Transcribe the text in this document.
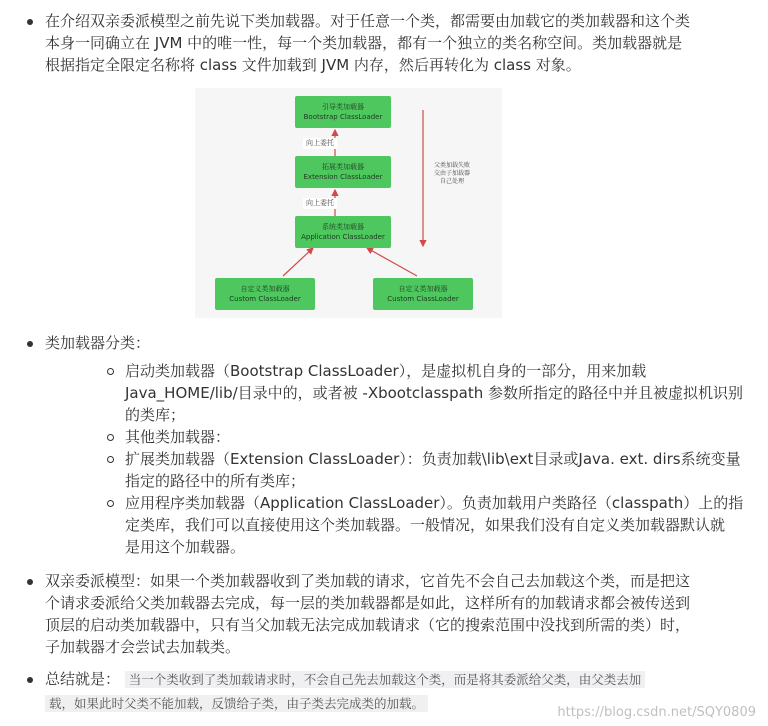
在介绍双亲委派模型之前先说下类加载器。对于任意一个类，都需要由加载它的类加载器和这个类
本身一同确立在 JVM 中的唯一性，每一个类加载器，都有一个独立的类名称空间。类加载器就是
根据指定全限定名称将 class 文件加载到 JVM 内存，然后再转化为 class 对象。
类加载器分类：
启动类加载器（Bootstrap ClassLoader），是虚拟机自身的一部分，用来加载
Java_HOME/lib/目录中的，或者被 -Xbootclasspath 参数所指定的路径中并且被虚拟机识别
的类库；
其他类加载器：
扩展类加载器（Extension ClassLoader）：负责加载\lib\ext目录或Java. ext. dirs系统变量
指定的路径中的所有类库；
应用程序类加载器（Application ClassLoader）。负责加载用户类路径（classpath）上的指
定类库，我们可以直接使用这个类加载器。一般情况，如果我们没有自定义类加载器默认就
是用这个加载器。
双亲委派模型：如果一个类加载器收到了类加载的请求，它首先不会自己去加载这个类，而是把这
个请求委派给父类加载器去完成，每一层的类加载器都是如此，这样所有的加载请求都会被传送到
顶层的启动类加载器中，只有当父加载无法完成加载请求（它的搜索范围中没找到所需的类）时，
子加载器才会尝试去加载类。
总结就是： 当一个类收到了类加载请求时，不会自己先去加载这个类，而是将其委派给父类，由父类去加
载，如果此时父类不能加载，反馈给子类，由子类去完成类的加载。
引导类加载器
Bootstrap ClassLoader
向上委托
拓展类加载器
Extension ClassLoader
向上委托
系统类加载器
Application ClassLoader
自定义类加载器
Custom ClassLoader
自定义类加载器
Custom ClassLoader
父类加载失败
交由子加载器
自己处理
https://blog.csdn.net/SQY0809
